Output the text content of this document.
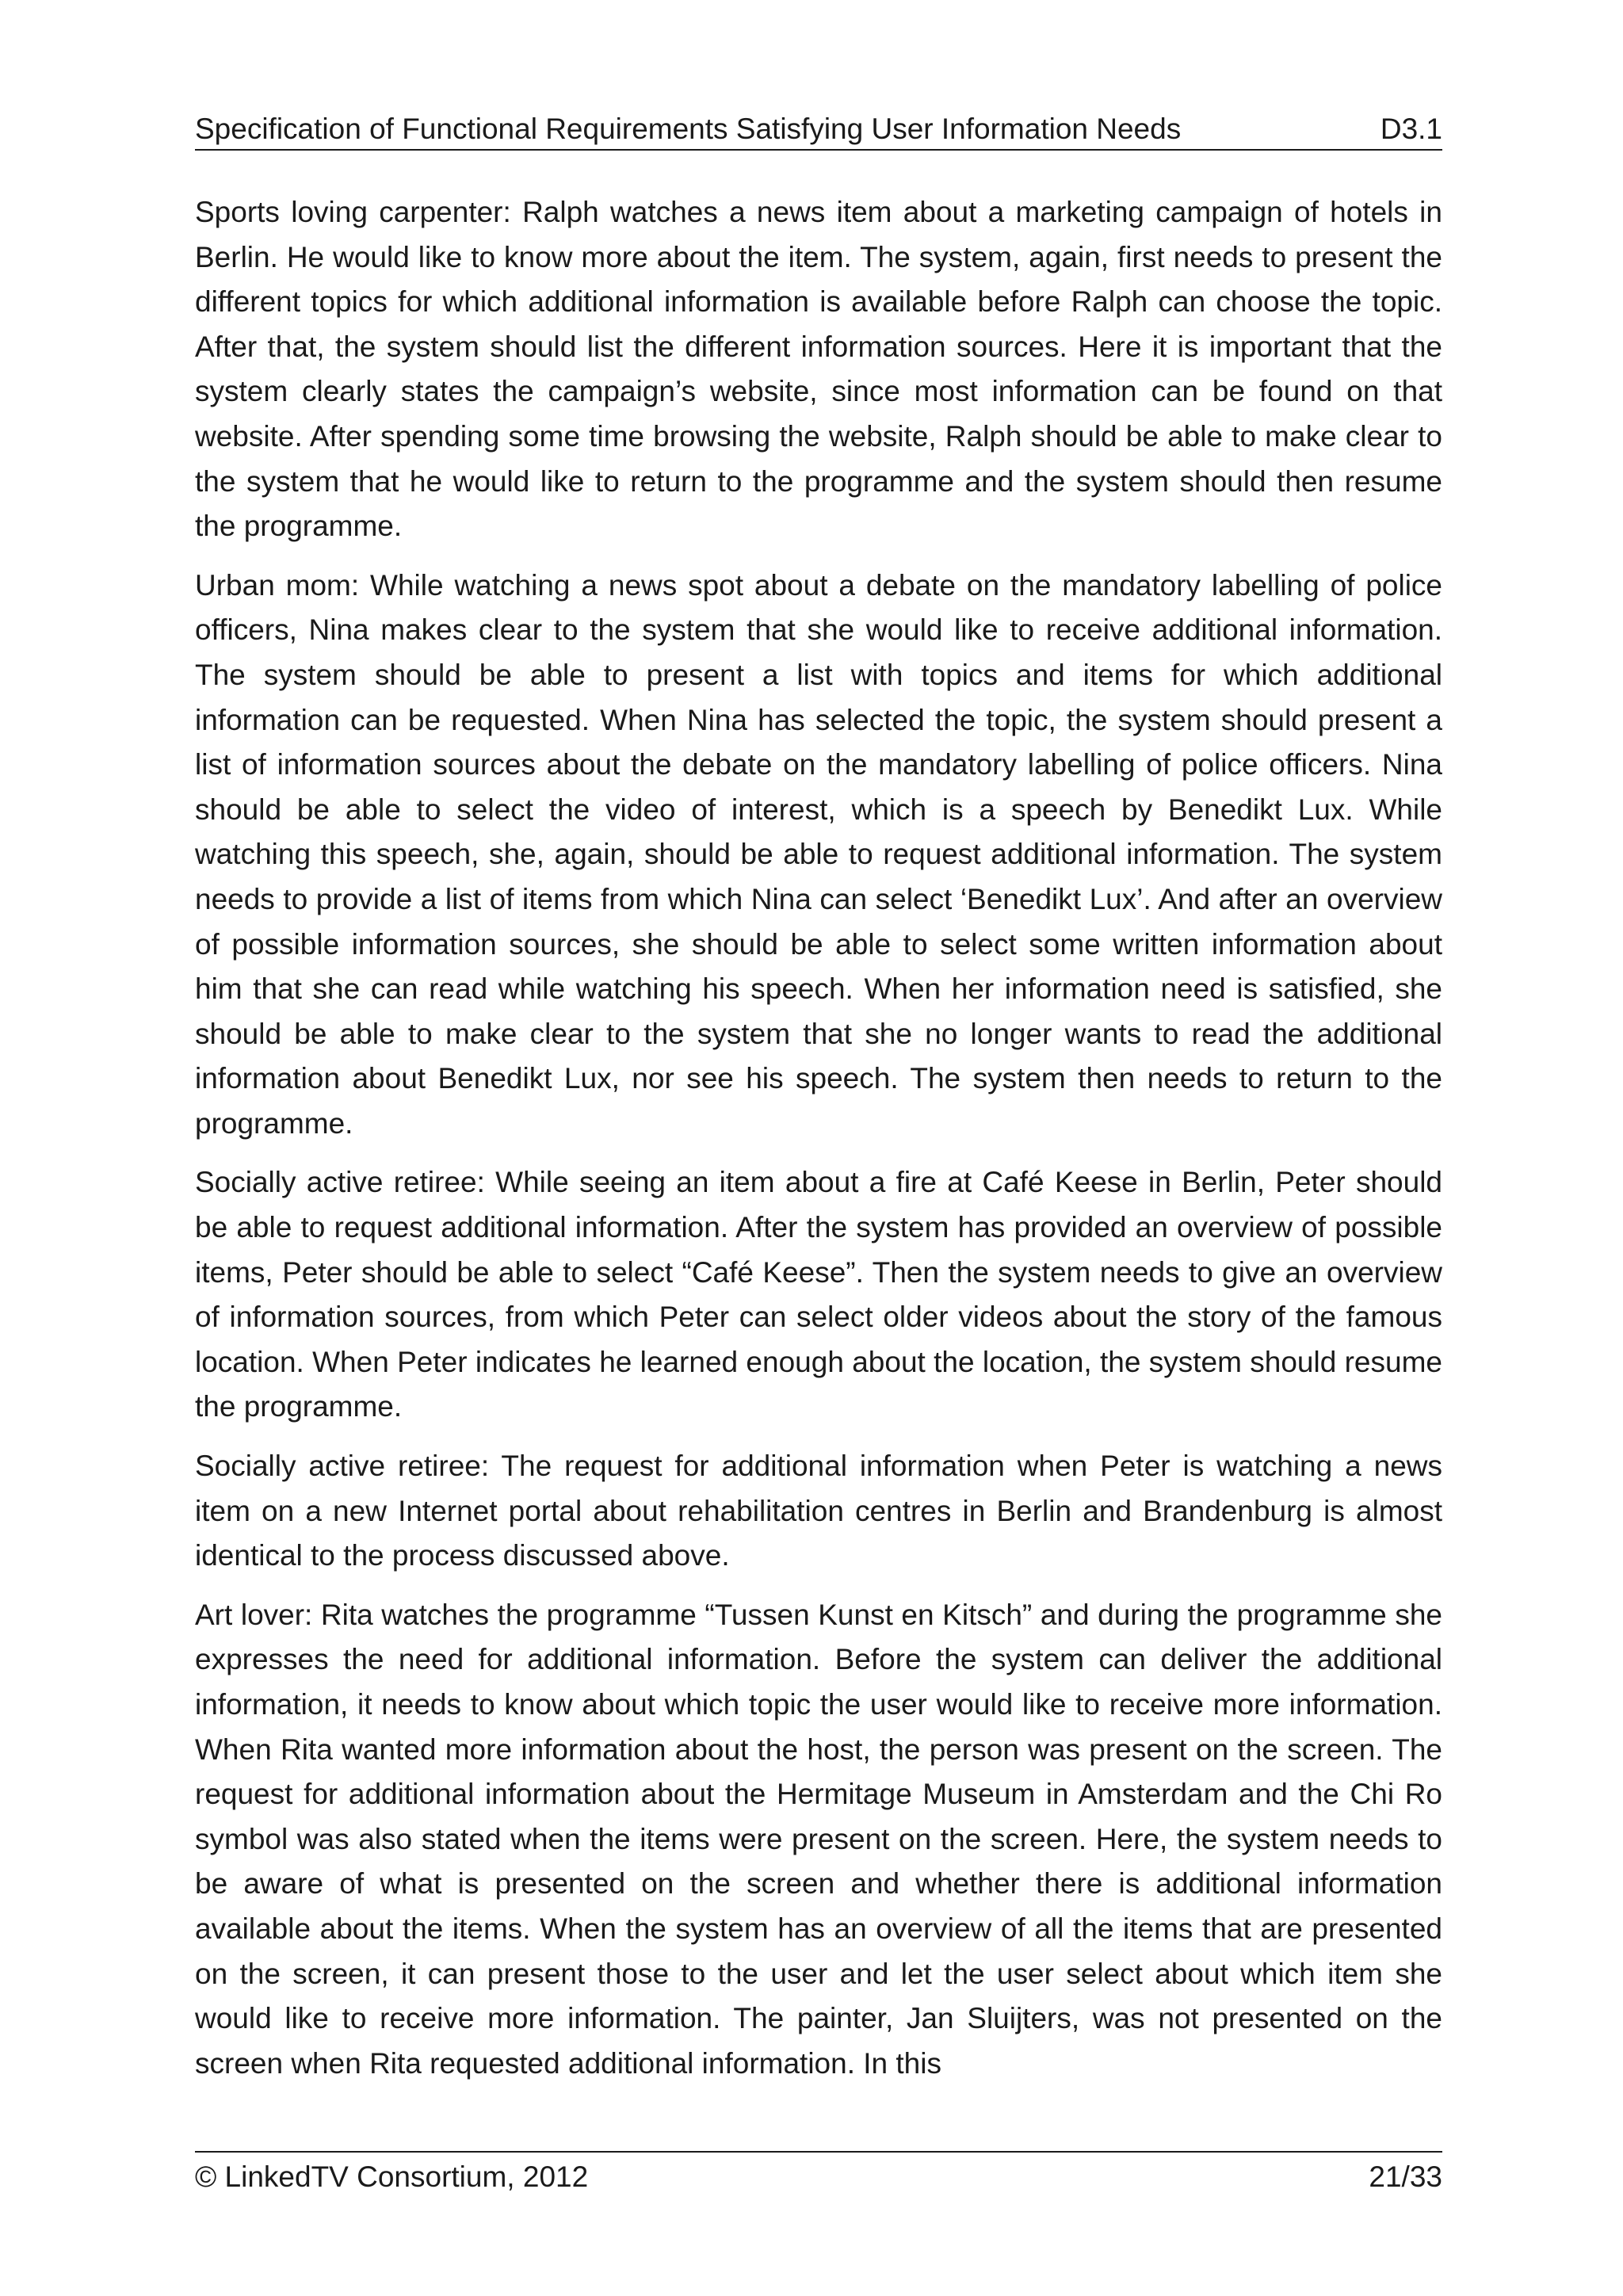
Specification of Functional Requirements Satisfying User Information Needs	D3.1

Sports loving carpenter: Ralph watches a news item about a marketing campaign of hotels in Berlin. He would like to know more about the item. The system, again, first needs to present the different topics for which additional information is available before Ralph can choose the topic. After that, the system should list the different information sources. Here it is important that the system clearly states the campaign’s website, since most information can be found on that website. After spending some time browsing the website, Ralph should be able to make clear to the system that he would like to return to the programme and the system should then resume the programme.

Urban mom: While watching a news spot about a debate on the mandatory labelling of police officers, Nina makes clear to the system that she would like to receive additional information. The system should be able to present a list with topics and items for which additional information can be requested. When Nina has selected the topic, the system should present a list of information sources about the debate on the mandatory labelling of police officers. Nina should be able to select the video of interest, which is a speech by Benedikt Lux. While watching this speech, she, again, should be able to request additional information. The system needs to provide a list of items from which Nina can select ‘Benedikt Lux’. And after an overview of possible information sources, she should be able to select some written information about him that she can read while watching his speech. When her information need is satisfied, she should be able to make clear to the system that she no longer wants to read the additional information about Benedikt Lux, nor see his speech. The system then needs to return to the programme.

Socially active retiree: While seeing an item about a fire at Café Keese in Berlin, Peter should be able to request additional information. After the system has provided an overview of possible items, Peter should be able to select “Café Keese”. Then the system needs to give an overview of information sources, from which Peter can select older videos about the story of the famous location. When Peter indicates he learned enough about the location, the system should resume the programme.

Socially active retiree: The request for additional information when Peter is watching a news item on a new Internet portal about rehabilitation centres in Berlin and Brandenburg is almost identical to the process discussed above.

Art lover: Rita watches the programme “Tussen Kunst en Kitsch” and during the programme she expresses the need for additional information. Before the system can deliver the additional information, it needs to know about which topic the user would like to receive more information. When Rita wanted more information about the host, the person was present on the screen. The request for additional information about the Hermitage Museum in Amsterdam and the Chi Ro symbol was also stated when the items were present on the screen. Here, the system needs to be aware of what is presented on the screen and whether there is additional information available about the items. When the system has an overview of all the items that are presented on the screen, it can present those to the user and let the user select about which item she would like to receive more information. The painter, Jan Sluijters, was not presented on the screen when Rita requested additional information. In this

© LinkedTV Consortium, 2012	21/33
